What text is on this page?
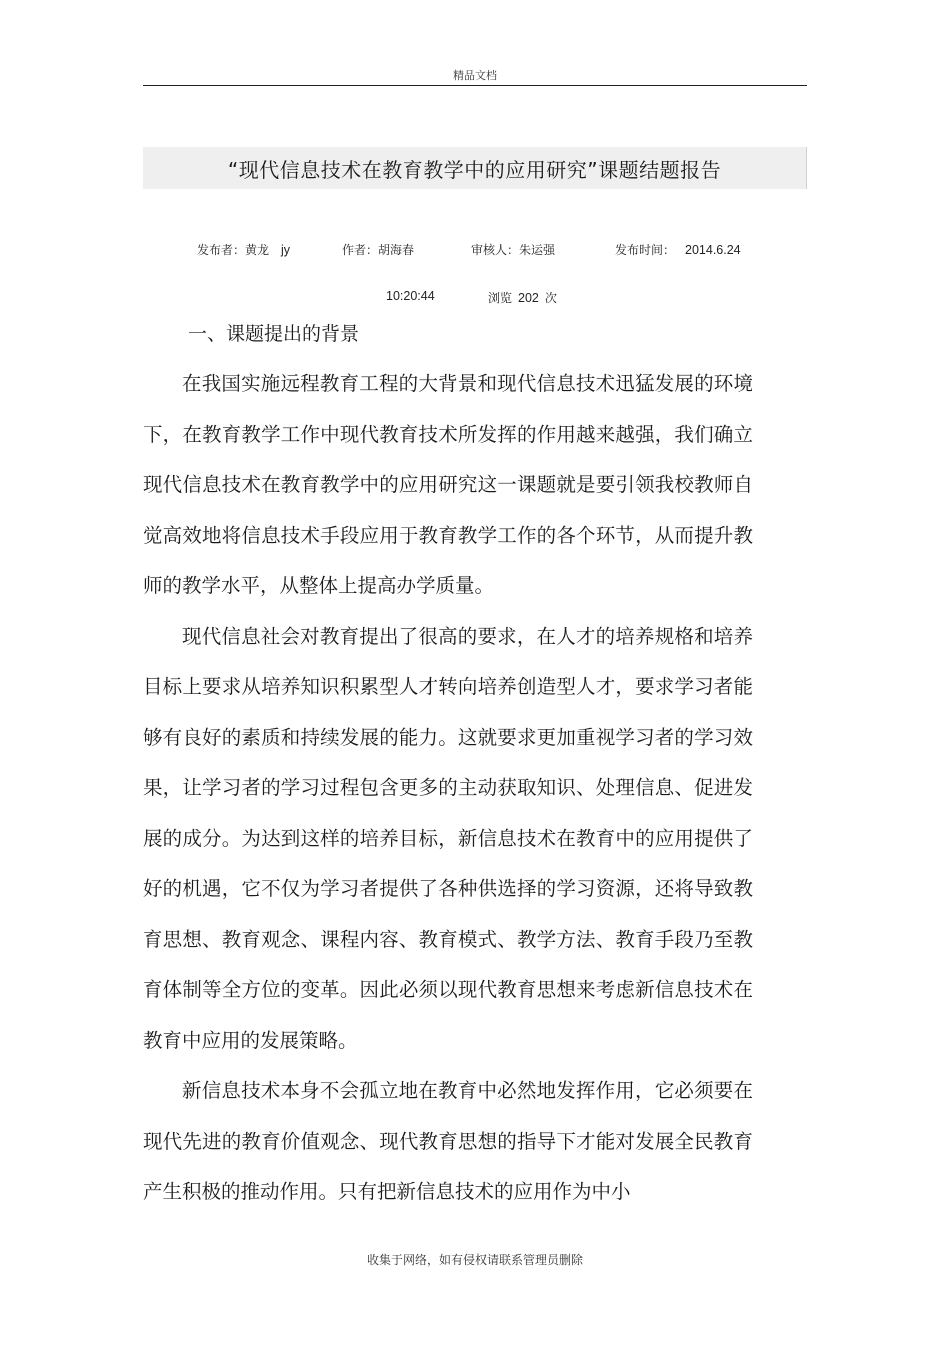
精品文档
“现代信息技术在教育教学中的应用研究”课题结题报告
发布者：黄龙 jy	作者：胡海春	审核人：朱运强	发布时间： 2014.6.24
10:20:44	浏览 202 次
一、课题提出的背景

在我国实施远程教育工程的大背景和现代信息技术迅猛发展的环境下，在教育教学工作中现代教育技术所发挥的作用越来越强，我们确立现代信息技术在教育教学中的应用研究这一课题就是要引领我校教师自觉高效地将信息技术手段应用于教育教学工作的各个环节，从而提升教师的教学水平，从整体上提高办学质量。

现代信息社会对教育提出了很高的要求，在人才的培养规格和培养目标上要求从培养知识积累型人才转向培养创造型人才，要求学习者能够有良好的素质和持续发展的能力。这就要求更加重视学习者的学习效果，让学习者的学习过程包含更多的主动获取知识、处理信息、促进发展的成分。为达到这样的培养目标，新信息技术在教育中的应用提供了好的机遇，它不仅为学习者提供了各种供选择的学习资源，还将导致教育思想、教育观念、课程内容、教育模式、教学方法、教育手段乃至教育体制等全方位的变革。因此必须以现代教育思想来考虑新信息技术在教育中应用的发展策略。

新信息技术本身不会孤立地在教育中必然地发挥作用，它必须要在现代先进的教育价值观念、现代教育思想的指导下才能对发展全民教育产生积极的推动作用。只有把新信息技术的应用作为中小

收集于网络，如有侵权请联系管理员删除
